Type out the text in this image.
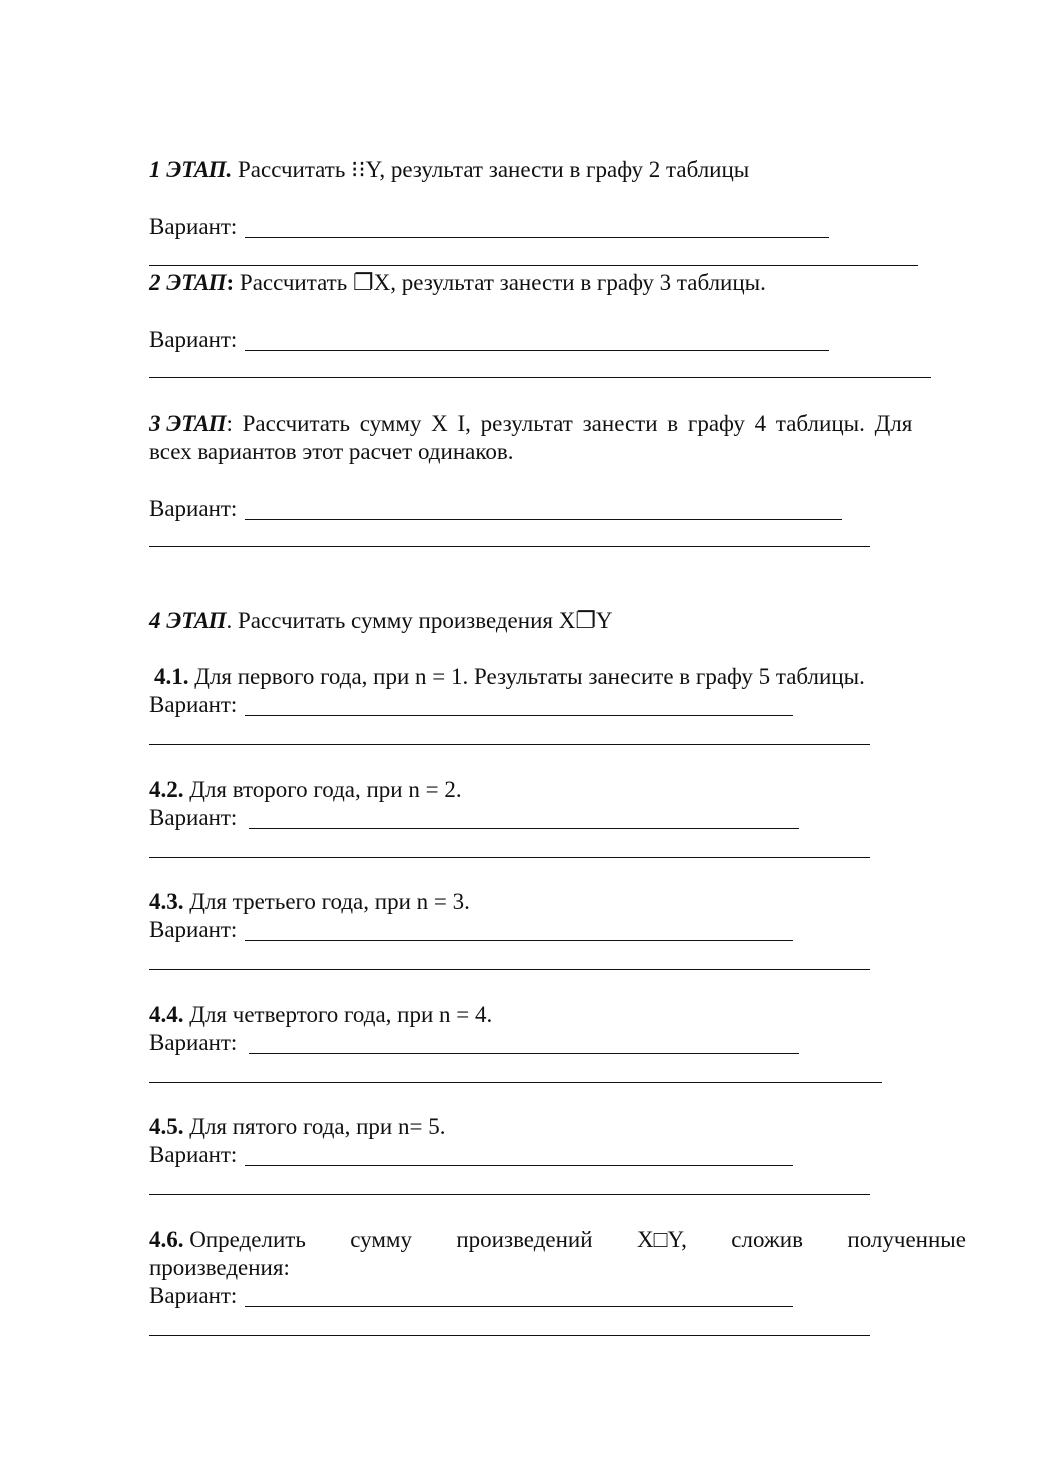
1 ЭТАП. Рассчитать ⁝⁝Y, результат занести в графу 2 таблицы
Вариант:
2 ЭТАП: Рассчитать ❐X, результат занести в графу 3 таблицы.
Вариант:
3 ЭТАП: Рассчитать сумму X I, результат занести в графу 4 таблицы. Для
всех вариантов этот расчет одинаков.
Вариант:
4 ЭТАП. Рассчитать сумму произведения X❐Y
4.1. Для первого года, при n = 1. Результаты занесите в графу 5 таблицы.
Вариант:
4.2. Для второго года, при n = 2.
Вариант:
4.3. Для третьего года, при n = 3.
Вариант:
4.4. Для четвертого года, при n = 4.
Вариант:
4.5. Для пятого года, при n= 5.
Вариант:
4.6. Определить сумму произведений X□Y, сложив полученные
произведения:
Вариант:
